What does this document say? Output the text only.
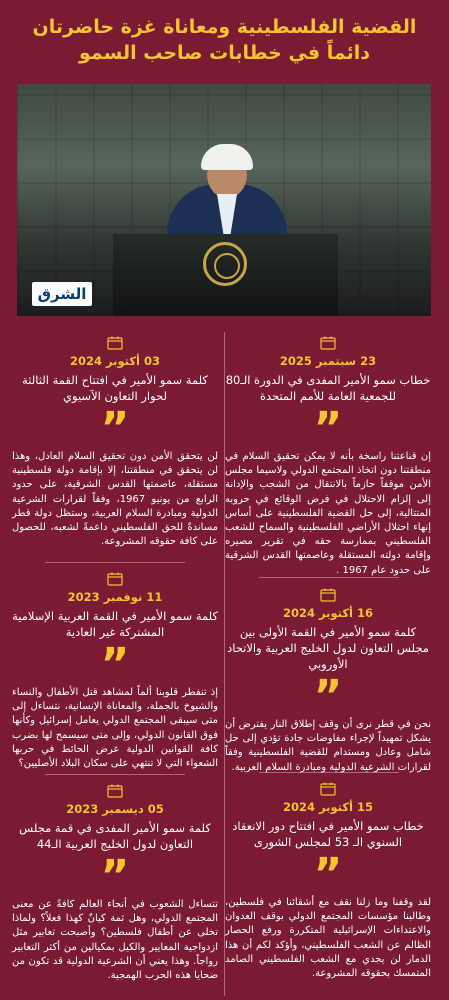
القضية الفلسطينية ومعاناة غزة حاضرتان
دائماً في خطابات صاحب السمو
الشرق
23 سبتمبر 2025
خطاب سمو الأمير المفدى في الدورة الـ80 للجمعية العامة للأمم المتحدة
”
إن قناعتنا راسخة بأنه لا يمكن تحقيق السلام في منطقتنا دون اتخاذ المجتمع الدولي ولاسيما مجلس الأمن موقفاً حازماً بالانتقال من الشجب والإدانة إلى إلزام الاحتلال في فرض الوقائع في حروبه المتتالية، إلى حل القضية الفلسطينية على أساس إنهاء احتلال الأراضي الفلسطينية والسماح للشعب الفلسطيني بممارسة حقه في تقرير مصيره وإقامة دولته المستقلة وعاصمتها القدس الشرقية على حدود عام 1967 .
16 أكتوبر 2024
كلمة سمو الأمير في القمة الأولى بين مجلس التعاون لدول الخليج العربية والاتحاد الأوروبي
”
نحن في قطر نرى أن وقف إطلاق النار يفترض أن يشكل تمهيداً لإجراء مفاوضات جادة تؤدي إلى حل شامل وعادل ومستدام للقضية الفلسطينية وفقاً لقرارات الشرعية الدولية ومبادرة السلام العربية.
15 أكتوبر 2024
خطاب سمو الأمير في افتتاح دور الانعقاد السنوي الـ 53 لمجلس الشورى
”
لقد وقفنا وما زلنا نقف مع أشقائنا في فلسطين، وطالبنا مؤسسات المجتمع الدولي بوقف العدوان والاعتداءات الإسرائيلية المتكررة ورفع الحصار الظالم عن الشعب الفلسطيني، وأؤكد لكم أن هذا الدمار لن يجدي مع الشعب الفلسطيني الصامد المتمسك بحقوقه المشروعة.
03 أكتوبر 2024
كلمة سمو الأمير في افتتاح القمة الثالثة لحوار التعاون الآسيوي
”
لن يتحقق الأمن دون تحقيق السلام العادل، وهذا لن يتحقق في منطقتنا، إلا بإقامة دولة فلسطينية مستقلة، عاصمتها القدس الشرقية، على حدود الرابع من يونيو 1967، وفقاً لقرارات الشرعية الدولية ومبادرة السلام العربية، وستظل دولة قطر مساندةً للحق الفلسطيني داعمةً لشعبه، للحصول على كافة حقوقه المشروعة.
11 نوفمبر 2023
كلمة سمو الأمير في القمة العربية الإسلامية المشتركة غير العادية
”
إذ تنفطر قلوبنا ألماً لمشاهد قتل الأطفال والنساء والشيوخ بالجملة، والمعاناة الإنسانية، نتساءل إلى متى سيبقى المجتمع الدولي يعامل إسرائيل وكأنها فوق القانون الدولي، وإلى متى سيسمح لها بضرب كافة القوانين الدولية عرض الحائط في حربها الشعواء التي لا تنتهي على سكان البلاد الأصليين؟
05 ديسمبر 2023
كلمة سمو الأمير المفدى في قمة مجلس التعاون لدول الخليج العربية الـ44
”
تتساءل الشعوب في أنحاء العالم كافةً عن معنى المجتمع الدولي، وهل ثمة كيانٌ كهذا فعلاً؟ ولماذا تخلى عن أطفال فلسطين؟ وأصبحت تعابير مثل ازدواجية المعايير والكيل بمكيالين من أكثر التعابير رواجاً. وهذا يعني أن الشرعية الدولية قد تكون من ضحايا هذه الحرب الهمجية.
